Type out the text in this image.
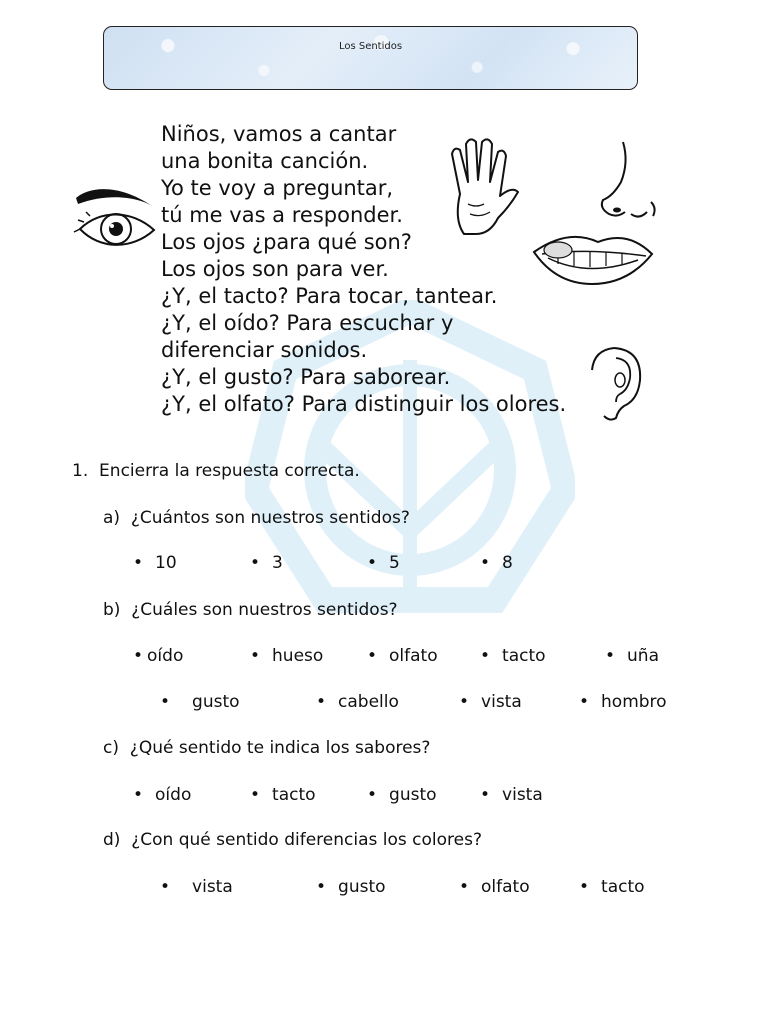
Los Sentidos
Niños, vamos a cantar
una bonita canción.
Yo te voy a preguntar,
tú me vas a responder.
Los ojos ¿para qué son?
Los ojos son para ver.
¿Y, el tacto? Para tocar, tantear.
¿Y, el oído? Para escuchar y
diferenciar sonidos.
¿Y, el gusto? Para saborear.
¿Y, el olfato? Para distinguir los olores.
1. Encierra la respuesta correcta.
a) ¿Cuántos son nuestros sentidos?
• 10	• 3	• 5	• 8
b) ¿Cuáles son nuestros sentidos?
• oído	• hueso	• olfato • tacto	• uña
• gusto	• cabello	• vista	• hombro
c) ¿Qué sentido te indica los sabores?
• oído	• tacto	• gusto	• vista
d) ¿Con qué sentido diferencias los colores?
• vista	• gusto	• olfato	• tacto
